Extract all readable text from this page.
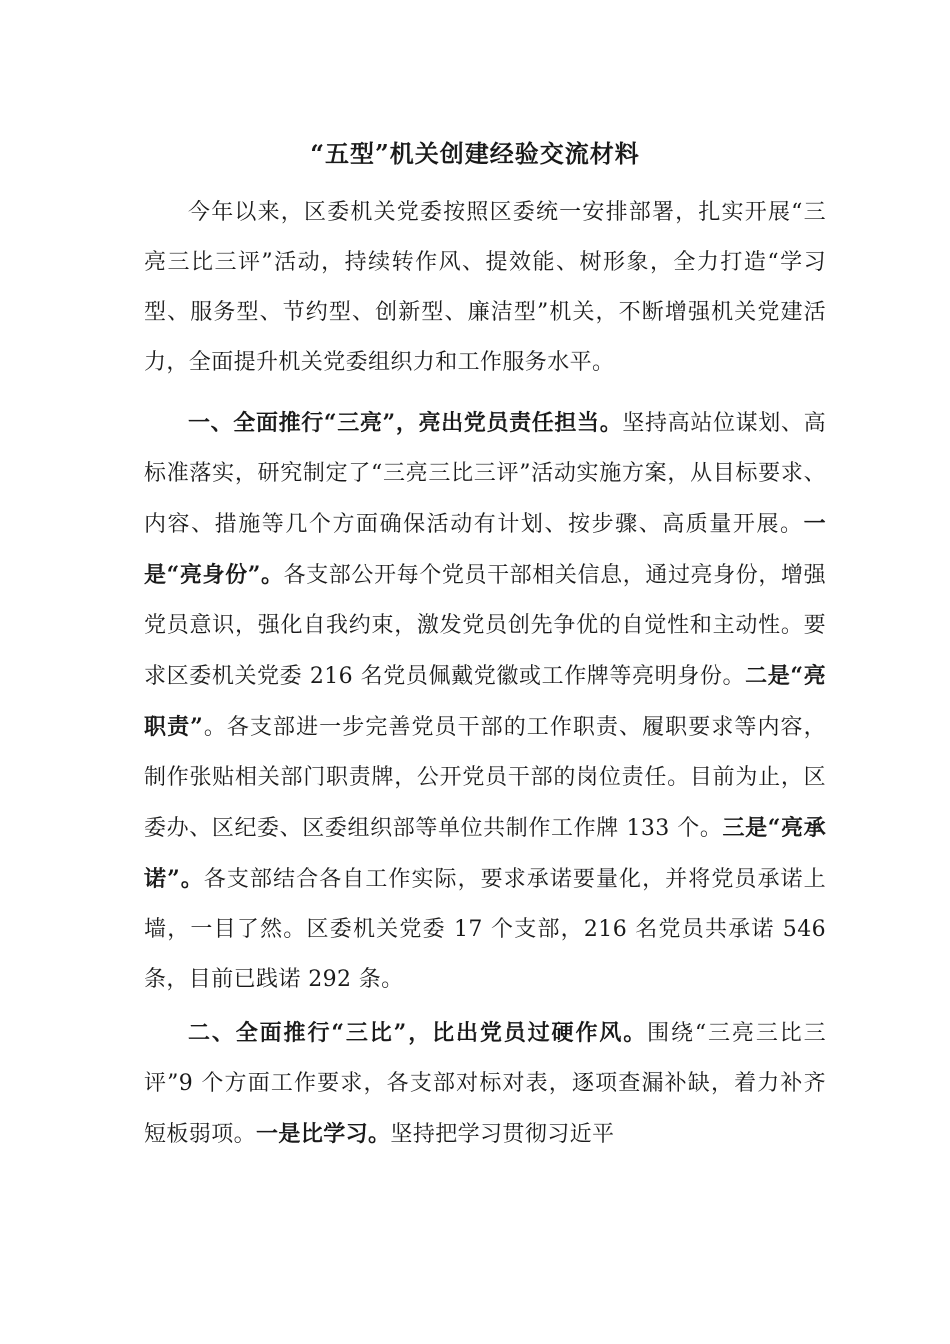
“五型”机关创建经验交流材料

今年以来，区委机关党委按照区委统一安排部署，扎实开展“三亮三比三评”活动，持续转作风、提效能、树形象，全力打造“学习型、服务型、节约型、创新型、廉洁型”机关，不断增强机关党建活力，全面提升机关党委组织力和工作服务水平。

一、全面推行“三亮”，亮出党员责任担当。坚持高站位谋划、高标准落实，研究制定了“三亮三比三评”活动实施方案，从目标要求、内容、措施等几个方面确保活动有计划、按步骤、高质量开展。一是“亮身份”。各支部公开每个党员干部相关信息，通过亮身份，增强党员意识，强化自我约束，激发党员创先争优的自觉性和主动性。要求区委机关党委 216 名党员佩戴党徽或工作牌等亮明身份。二是“亮职责”。各支部进一步完善党员干部的工作职责、履职要求等内容，制作张贴相关部门职责牌，公开党员干部的岗位责任。目前为止，区委办、区纪委、区委组织部等单位共制作工作牌 133 个。三是“亮承诺”。各支部结合各自工作实际，要求承诺要量化，并将党员承诺上墙，一目了然。区委机关党委 17 个支部，216 名党员共承诺 546 条，目前已践诺 292 条。

二、全面推行“三比”，比出党员过硬作风。围绕“三亮三比三评”9 个方面工作要求，各支部对标对表，逐项查漏补缺，着力补齐短板弱项。一是比学习。坚持把学习贯彻习近平
